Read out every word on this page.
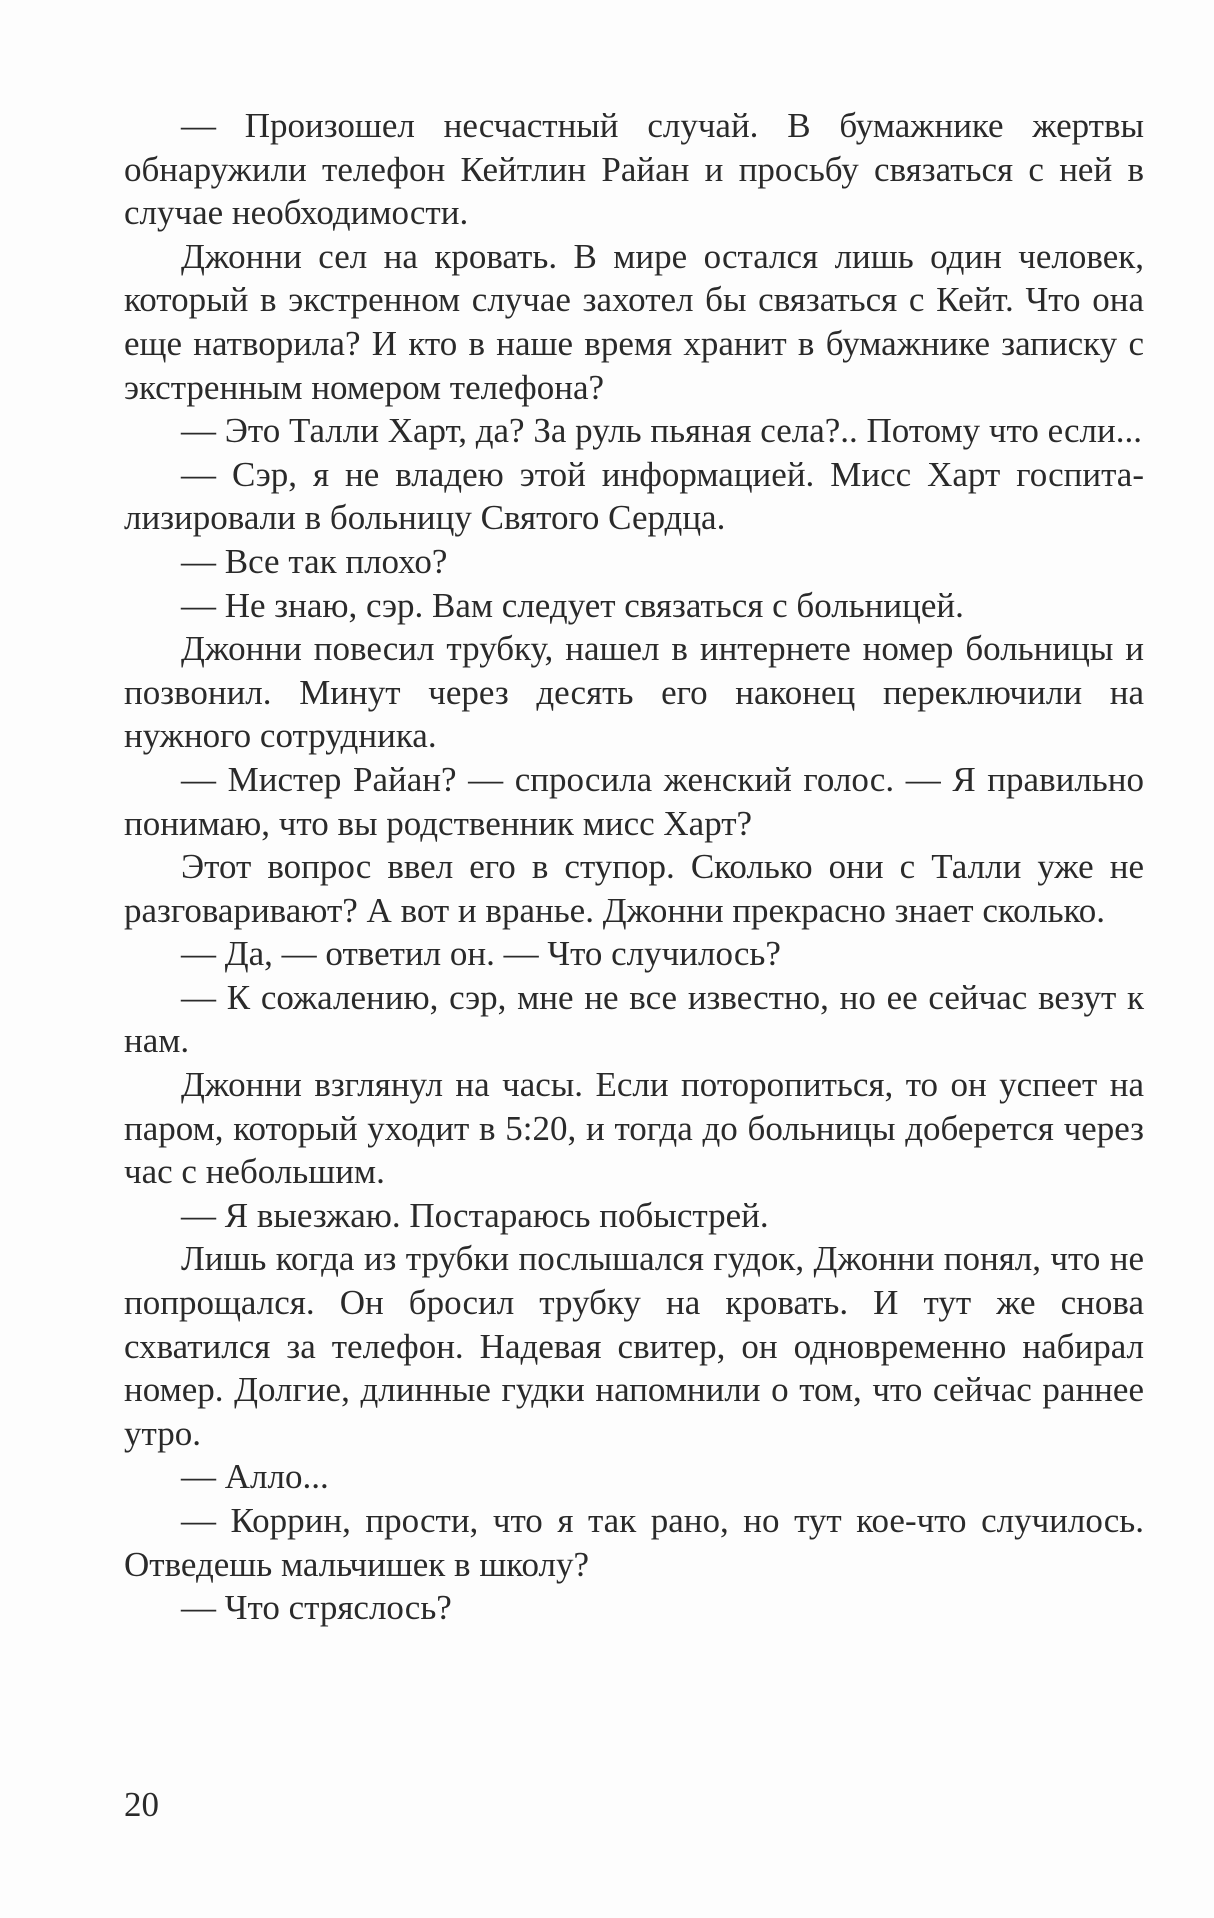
— Произошел несчастный случай. В бумажнике жертвы обнаружили телефон Кейтлин Райан и просьбу связаться с ней в случае необходимости.

Джонни сел на кровать. В мире остался лишь один человек, который в экстренном случае захотел бы связаться с Кейт. Что она еще натворила? И кто в наше время хранит в бумажнике записку с экстренным номером телефона?

— Это Талли Харт, да? За руль пьяная села?.. Потому что если...

— Сэр, я не владею этой информацией. Мисс Харт госпитализировали в больницу Святого Сердца.

— Все так плохо?

— Не знаю, сэр. Вам следует связаться с больницей.

Джонни повесил трубку, нашел в интернете номер больницы и позвонил. Минут через десять его наконец переключили на нужного сотрудника.

— Мистер Райан? — спросила женский голос. — Я правильно понимаю, что вы родственник мисс Харт?

Этот вопрос ввел его в ступор. Сколько они с Талли уже не разговаривают? А вот и вранье. Джонни прекрасно знает сколько.

— Да, — ответил он. — Что случилось?

— К сожалению, сэр, мне не все известно, но ее сейчас везут к нам.

Джонни взглянул на часы. Если поторопиться, то он успеет на паром, который уходит в 5:20, и тогда до больницы доберется через час с небольшим.

— Я выезжаю. Постараюсь побыстрей.

Лишь когда из трубки послышался гудок, Джонни понял, что не попрощался. Он бросил трубку на кровать. И тут же снова схватился за телефон. Надевая свитер, он одновременно набирал номер. Долгие, длинные гудки напомнили о том, что сейчас раннее утро.

— Алло...

— Коррин, прости, что я так рано, но тут кое-что случилось. Отведешь мальчишек в школу?

— Что стряслось?

20
